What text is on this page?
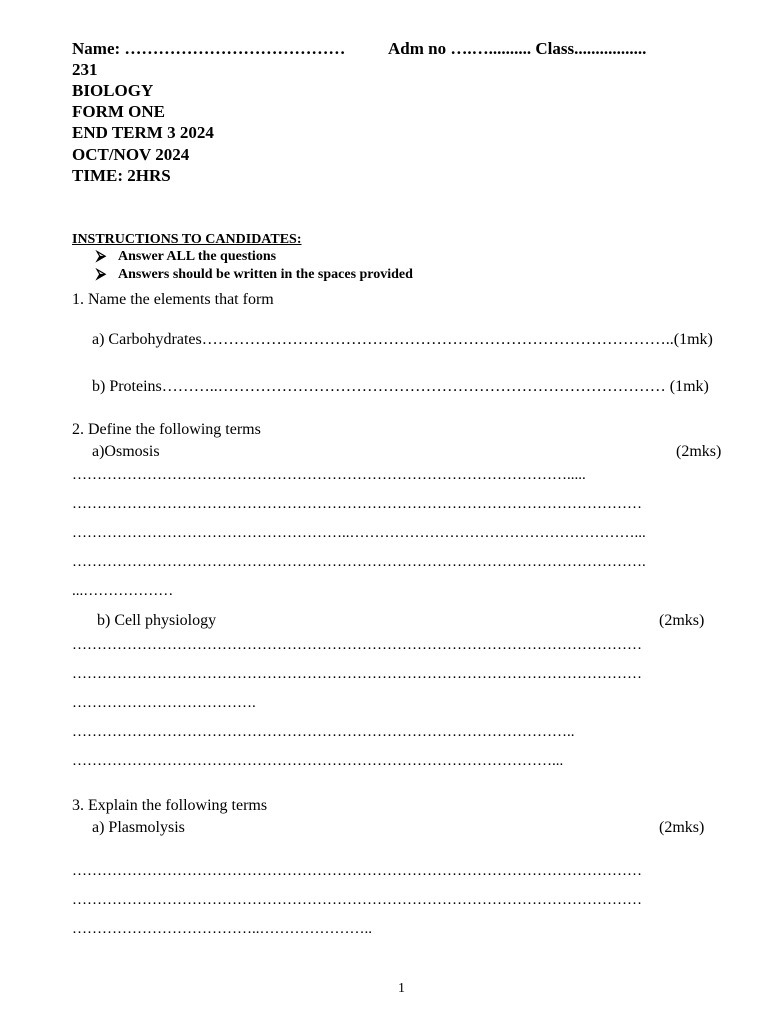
Name: …………………………………	Adm no ….….......... Class.................
231
BIOLOGY
FORM ONE
END TERM 3 2024
OCT/NOV 2024
TIME: 2HRS
INSTRUCTIONS TO CANDIDATES:
⮚ Answer ALL the questions
⮚ Answers should be written in the spaces provided
1. Name the elements that form
a) Carbohydrates……………………………………………………………………………..(1mk)
b) Proteins………..………………………………………………………………………… (1mk)
2. Define the following terms
a)Osmosis	(2mks)
……………………………………………………………………………………….....
……………………………………………………………………………………………………
………………………………………………..…………………………………………………...
…………………………………………………………………………………………………….
...………………
b) Cell physiology	(2mks)
……………………………………………………………………………………………………
……………………………………………………………………………………………………
……………………………….
………………………………………………………………………………………..
……………………………………………………………………………………...
3. Explain the following terms
a) Plasmolysis	(2mks)
……………………………………………………………………………………………………
……………………………………………………………………………………………………
………………………………..…………………..
1
